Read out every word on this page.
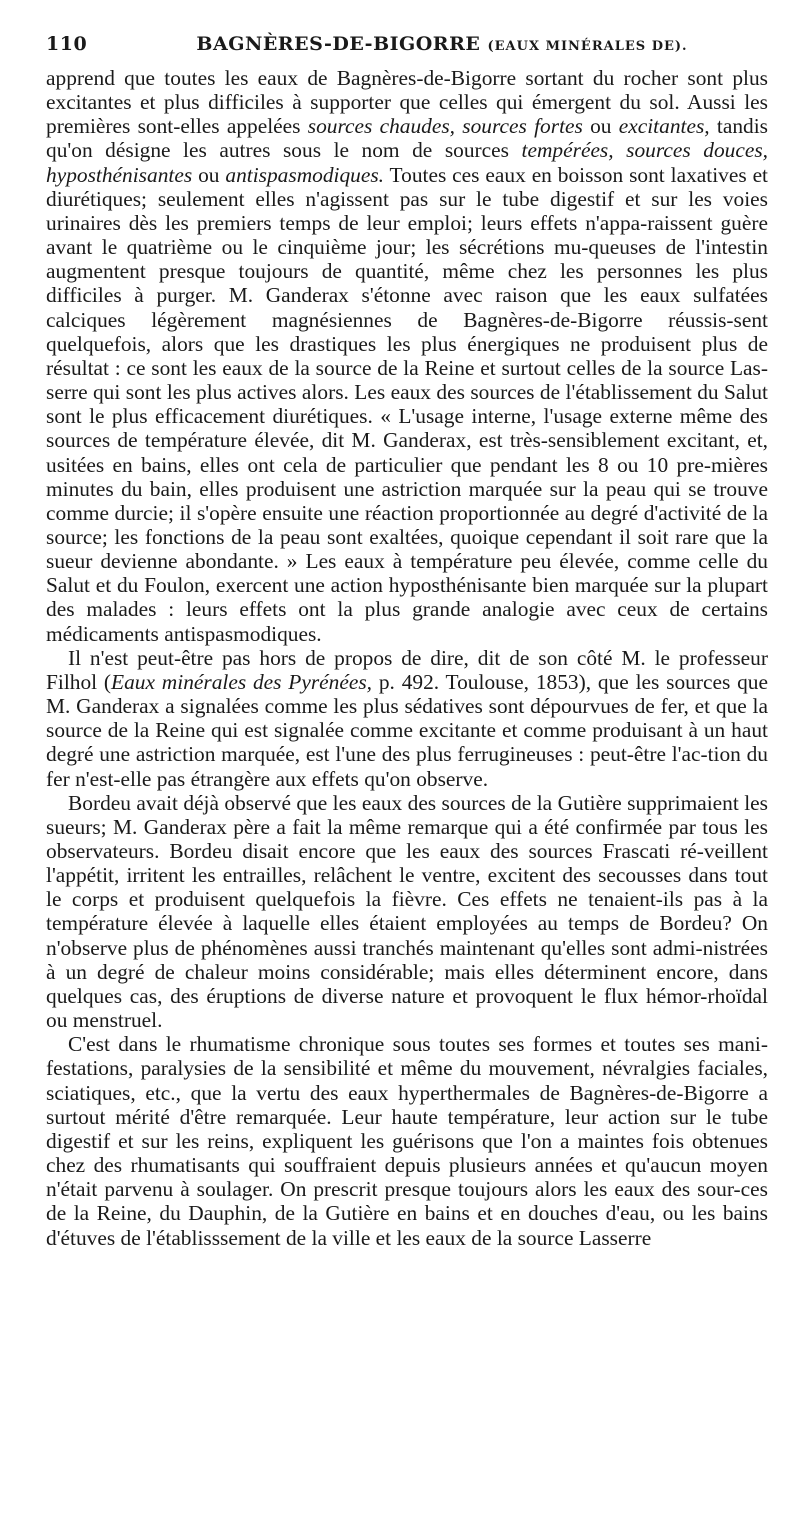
110	BAGNÈRES-DE-BIGORRE (EAUX MINÉRALES DE).

apprend que toutes les eaux de Bagnères-de-Bigorre sortant du rocher sont plus excitantes et plus difficiles à supporter que celles qui émergent du sol. Aussi les premières sont-elles appelées sources chaudes, sources fortes ou excitantes, tandis qu'on désigne les autres sous le nom de sources tempérées, sources douces, hyposthénisantes ou antispasmodiques. Toutes ces eaux en boisson sont laxatives et diurétiques; seulement elles n'agissent pas sur le tube digestif et sur les voies urinaires dès les premiers temps de leur emploi; leurs effets n'appa-raissent guère avant le quatrième ou le cinquième jour; les sécrétions mu-queuses de l'intestin augmentent presque toujours de quantité, même chez les personnes les plus difficiles à purger. M. Ganderax s'étonne avec raison que les eaux sulfatées calciques légèrement magnésiennes de Bagnères-de-Bigorre réussis-sent quelquefois, alors que les drastiques les plus énergiques ne produisent plus de résultat : ce sont les eaux de la source de la Reine et surtout celles de la source Las-serre qui sont les plus actives alors. Les eaux des sources de l'établissement du Salut sont le plus efficacement diurétiques. « L'usage interne, l'usage externe même des sources de température élevée, dit M. Ganderax, est très-sensiblement excitant, et, usitées en bains, elles ont cela de particulier que pendant les 8 ou 10 pre-mières minutes du bain, elles produisent une astriction marquée sur la peau qui se trouve comme durcie; il s'opère ensuite une réaction proportionnée au degré d'activité de la source; les fonctions de la peau sont exaltées, quoique cependant il soit rare que la sueur devienne abondante. » Les eaux à température peu élevée, comme celle du Salut et du Foulon, exercent une action hyposthénisante bien marquée sur la plupart des malades : leurs effets ont la plus grande analogie avec ceux de certains médicaments antispasmodiques.

Il n'est peut-être pas hors de propos de dire, dit de son côté M. le professeur Filhol (Eaux minérales des Pyrénées, p. 492. Toulouse, 1853), que les sources que M. Ganderax a signalées comme les plus sédatives sont dépourvues de fer, et que la source de la Reine qui est signalée comme excitante et comme produisant à un haut degré une astriction marquée, est l'une des plus ferrugineuses : peut-être l'ac-tion du fer n'est-elle pas étrangère aux effets qu'on observe.

Bordeu avait déjà observé que les eaux des sources de la Gutière supprimaient les sueurs; M. Ganderax père a fait la même remarque qui a été confirmée par tous les observateurs. Bordeu disait encore que les eaux des sources Frascati ré-veillent l'appétit, irritent les entrailles, relâchent le ventre, excitent des secousses dans tout le corps et produisent quelquefois la fièvre. Ces effets ne tenaient-ils pas à la température élevée à laquelle elles étaient employées au temps de Bordeu? On n'observe plus de phénomènes aussi tranchés maintenant qu'elles sont admi-nistrées à un degré de chaleur moins considérable; mais elles déterminent encore, dans quelques cas, des éruptions de diverse nature et provoquent le flux hémor-rhoïdal ou menstruel.

C'est dans le rhumatisme chronique sous toutes ses formes et toutes ses mani-festations, paralysies de la sensibilité et même du mouvement, névralgies faciales, sciatiques, etc., que la vertu des eaux hyperthermales de Bagnères-de-Bigorre a surtout mérité d'être remarquée. Leur haute température, leur action sur le tube digestif et sur les reins, expliquent les guérisons que l'on a maintes fois obtenues chez des rhumatisants qui souffraient depuis plusieurs années et qu'aucun moyen n'était parvenu à soulager. On prescrit presque toujours alors les eaux des sour-ces de la Reine, du Dauphin, de la Gutière en bains et en douches d'eau, ou les bains d'étuves de l'établisssement de la ville et les eaux de la source Lasserre
